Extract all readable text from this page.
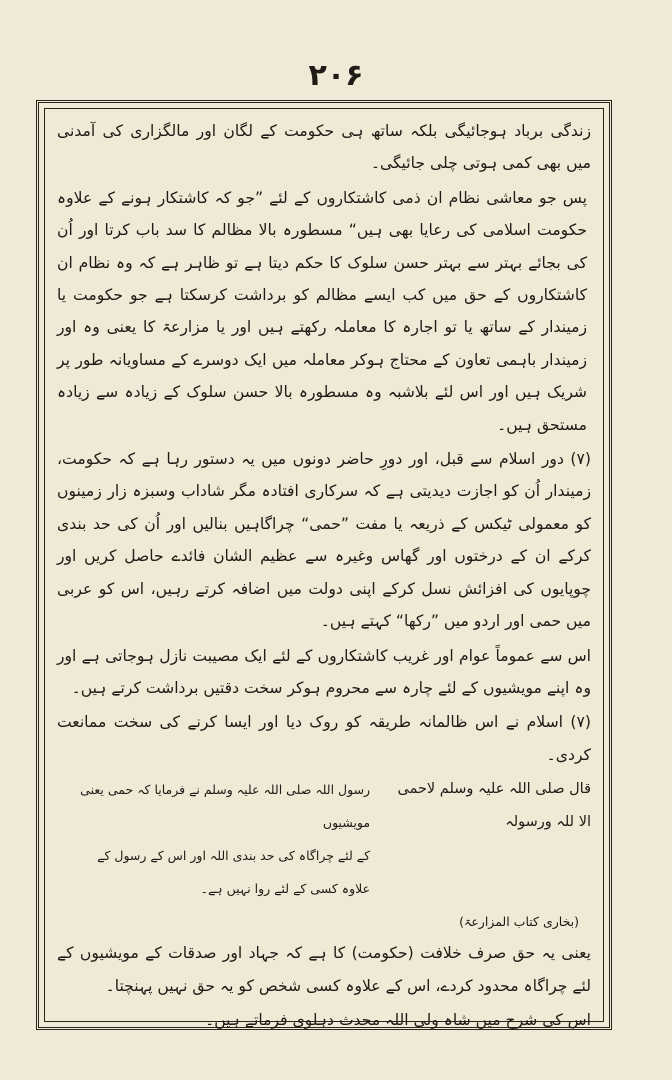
۲۰۶

زندگی برباد ہوجائیگی بلکہ ساتھ ہی حکومت کے لگان اور مالگزاری کی آمدنی میں بھی کمی ہوتی چلی جائیگی۔

پس جو معاشی نظام ان ذمی کاشتکاروں کے لئے ”جو کہ کاشتکار ہونے کے علاوہ حکومت اسلامی کی رعایا بھی ہیں“ مسطورہ بالا مظالم کا سد باب کرتا اور اُن کی بجائے بہتر سے بہتر حسن سلوک کا حکم دیتا ہے تو ظاہر ہے کہ وہ نظام ان کاشتکاروں کے حق میں کب ایسے مظالم کو برداشت کرسکتا ہے جو حکومت یا زمیندار کے ساتھ یا تو اجارہ کا معاملہ رکھتے ہیں اور یا مزارعۃ کا یعنی وہ اور زمیندار باہمی تعاون کے محتاج ہوکر معاملہ میں ایک دوسرے کے مساویانہ طور پر شریک ہیں اور اس لئے بلاشبہ وہ مسطورہ بالا حسن سلوک کے زیادہ سے زیادہ مستحق ہیں۔

(۷) دور اسلام سے قبل، اور دورِ حاضر دونوں میں یہ دستور رہا ہے کہ حکومت، زمیندار اُن کو اجازت دیدیتی ہے کہ سرکاری افتادہ مگر شاداب وسبزہ زار زمینوں کو معمولی ٹیکس کے ذریعہ یا مفت ”حمی“ چراگاہیں بنالیں اور اُن کی حد بندی کرکے ان کے درختوں اور گھاس وغیرہ سے عظیم الشان فائدے حاصل کریں اور چوپایوں کی افزائش نسل کرکے اپنی دولت میں اضافہ کرتے رہیں، اس کو عربی میں حمی اور اردو میں ”رکھا“ کہتے ہیں۔

اس سے عموماً عوام اور غریب کاشتکاروں کے لئے ایک مصیبت نازل ہوجاتی ہے اور وہ اپنے مویشیوں کے لئے چارہ سے محروم ہوکر سخت دقتیں برداشت کرتے ہیں۔

(۷) اسلام نے اس ظالمانہ طریقہ کو روک دیا اور ایسا کرنے کی سخت ممانعت کردی۔

قال صلی اللہ علیہ وسلم لاحمی
الا للہ ورسولہ
رسول اللہ صلی اللہ علیہ وسلم نے فرمایا کہ حمی یعنی مویشیوں
کے لئے چراگاہ کی حد بندی اللہ اور اس کے رسول کے
علاوہ کسی کے لئے روا نہیں ہے۔
(بخاری کتاب المزارعۃ)

یعنی یہ حق صرف خلافت (حکومت) کا ہے کہ جہاد اور صدقات کے مویشیوں کے لئے چراگاہ محدود کردے، اس کے علاوہ کسی شخص کو یہ حق نہیں پہنچتا۔

اس کی شرح میں شاہ ولی اللہ محدث دہلوی فرماتے ہیں۔
